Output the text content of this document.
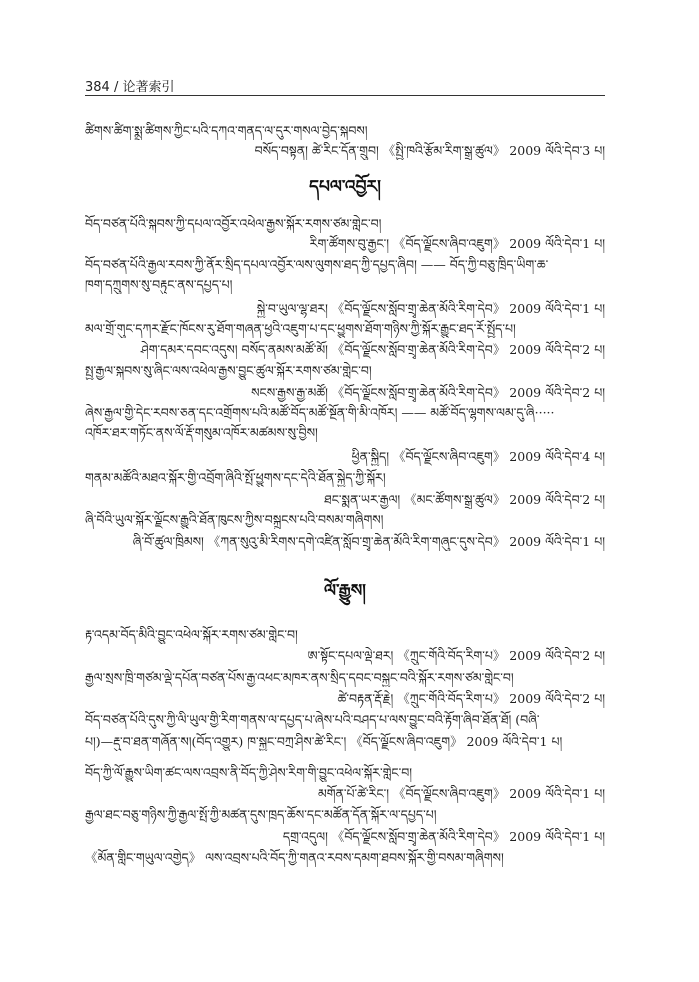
384 / 论著索引
ཚིགས་ཚིག་སྨྲ་ཚིགས་ཀྱིང་པའི་དཀའ་གནད་ལ་དུར་གསལ་བྱེད་སྐབས།
བསོད་བསྟན། ཚེ་རིང་དོན་གྲུབ། 《སྤྱི་ཁའི་རྩོམ་རིག་སྒྲ་ཚུལ》 2009 ལོའི་དེབ་3 པ།
དཔལ་འབྱོར།
བོད་བཙན་པོའི་སྐབས་ཀྱི་དཔལ་འབྱོར་འཕེལ་རྒྱས་སྐོར་རགས་ཙམ་གླེང་བ།
རིག་ཚོགས་བུ་རྒྱང་། 《བོད་ལྗོངས་ཞིབ་འཇུག》 2009 ལོའི་དེབ་1 པ།
བོད་བཙན་པོའི་རྒྱལ་རབས་ཀྱི་ནོར་སྲིད་དཔལ་འབྱོར་ལས་ལུགས་ཐད་ཀྱི་དཔྱད་ཞིབ། —— བོད་ཀྱི་བཅུ་ཁྲིད་ཡིག་ཆ་
ཁག་དཀྲུགས་སུ་བརྟུང་ནས་དཔྱད་པ།
སྐྱེ་བ་ཡུལ་ལྷ་ཐར། 《བོད་ལྗོངས་སློབ་གྲྭ་ཆེན་མོའི་རིག་དེབ》 2009 ལོའི་དེབ་1 པ།
མལ་གྲོ་གུང་དཀར་རྫོང་ཁོངས་རུ་ཐོག་གཞན་ཕྱའི་འཇུག་པ་དང་ཕྱུགས་ཐོག་གཉིས་ཀྱི་སྐོར་རྒྱུང་ཐད་རོ་སྤྱོད་པ།
ཤེག་དམར་དབང་འདུས། བསོད་ནམས་མཚོ་མོ། 《བོད་ལྗོངས་སློབ་གྲྭ་ཆེན་མོའི་རིག་དེབ》 2009 ལོའི་དེབ་2 པ།
སྤྱ་རྒྱལ་སྐབས་སུ་ཞིང་ལས་འཕེལ་རྒྱས་བྱུང་ཚུལ་སྐོར་རགས་ཙམ་གླེང་བ།
སངས་རྒྱས་རྒྱ་མཚོ། 《བོད་ལྗོངས་སློབ་གྲྭ་ཆེན་མོའི་རིག་དེབ》 2009 ལོའི་དེབ་2 པ།
ཞེས་རྒྱལ་གྱི་དེང་རབས་ཅན་དང་འགྲོགས་པའི་མཚོ་བོད་མཚོ་སྔོན་གི་མི་འཁོར། —— མཚོ་བོད་ལྷགས་ལམ་དུ་ཞི·····
འཁོར་ཐར་གཏོང་ནས་ལོ་རྡོ་གསུམ་འཁོར་མཚམས་སུ་བྱིས།
ཕྱིན་སྐྱིད། 《བོད་ལྗོངས་ཞིབ་འཇུག》 2009 ལོའི་དེབ་4 པ།
གནམ་མཚོའི་མཐའ་སྐོར་གྱི་འབྲོག་ཞིའི་སྤོ་ཕྱུགས་དང་དེའི་ཐོན་སྐྱེད་ཀྱི་སྐོར།
ཐང་སྨན་ཡར་རྒྱལ། 《མང་ཚོགས་སྒྲ་ཚུལ》 2009 ལོའི་དེབ་2 པ།
ཞི་བོའི་ཡུལ་སྐོར་ལྗོངས་རྒྱུའི་ཐོན་ཁུངས་ཀྱིས་བསྐྲུངས་པའི་བསམ་གཞིགས།
ཞི་བོ་ཚུལ་ཁྲིམས། 《ཀན་སུའུ་མི་རིགས་དགེ་འཛིན་སློབ་གྲྭ་ཆེན་མོའི་རིག་གཞུང་དུས་དེབ》 2009 ལོའི་དེབ་1 པ།
ལོ་རྒྱུས།
རྟ་འདམ་བོད་མིའི་བྱུང་འཕེལ་སྐོར་རགས་ཙམ་གླེང་བ།
ཨ་སྟོང་དཔལ་ལྡེ་ཐར། 《ཀྲུང་གོའི་བོད་རིག་པ》 2009 ལོའི་དེབ་2 པ།
རྒྱལ་སྲས་ཁྲི་གཙམ་ལྡེ་དཔོན་བཙན་པོས་རྒྱ་འཕང་མཁར་ནས་སྲིད་དབང་བསྐྱང་བའི་སྐོར་རགས་ཙམ་གླེང་བ།
ཚེ་བརྟན་རྡོ་རྗེ། 《ཀྲུང་གོའི་བོད་རིག་པ》 2009 ལོའི་དེབ་2 པ།
བོད་བཙན་པོའི་དུས་ཀྱི་ལི་ཡུལ་གྱི་རིག་གནས་ལ་དཔྱད་པ་ཞེས་པའི་བཤད་པ་ལས་བྱུང་བའི་རྟོག་ཞིབ་ཐོན་ཐོ། (བཞི་
པ།)—རྡུ་བ་ཐན་གཞོན་ས།(བོད་འགྱུར) ཁ་སྐྱང་བཀྲ་ཤིས་ཚེ་རིང་། 《བོད་ལྗོངས་ཞིབ་འཇུག》 2009 ལོའི་དེབ་1 པ།
བོད་ཀྱི་ལོ་རྒྱུས་ཡིག་ཚང་ལས་འབྲས་ནི་བོད་ཀྱི་ཤེས་རིག་གི་བྱུང་འཕེལ་སྐོར་གླེང་བ།
མགོན་པོ་ཚེ་རིང་། 《བོད་ལྗོངས་ཞིབ་འཇུག》 2009 ལོའི་དེབ་1 པ།
རྒྱལ་ཐང་བཅུ་གཉིས་ཀྱི་རྒྱལ་སྤོ་ཀྱི་མཚན་དུས་ཁྲད་ཆོས་དང་མཚོན་དོན་སྐོར་ལ་དཔྱད་པ།
དགྲ་འདུལ། 《བོད་ལྗོངས་སློབ་གྲྭ་ཆེན་མོའི་རིག་དེབ》 2009 ལོའི་དེབ་1 པ།
《མོན་གླིང་གཡུལ་འགྱེད》 ལས་འབྲས་པའི་བོད་ཀྱི་གནའ་རབས་དམག་ཐབས་སྐོར་གྱི་བསམ་གཞིགས།
